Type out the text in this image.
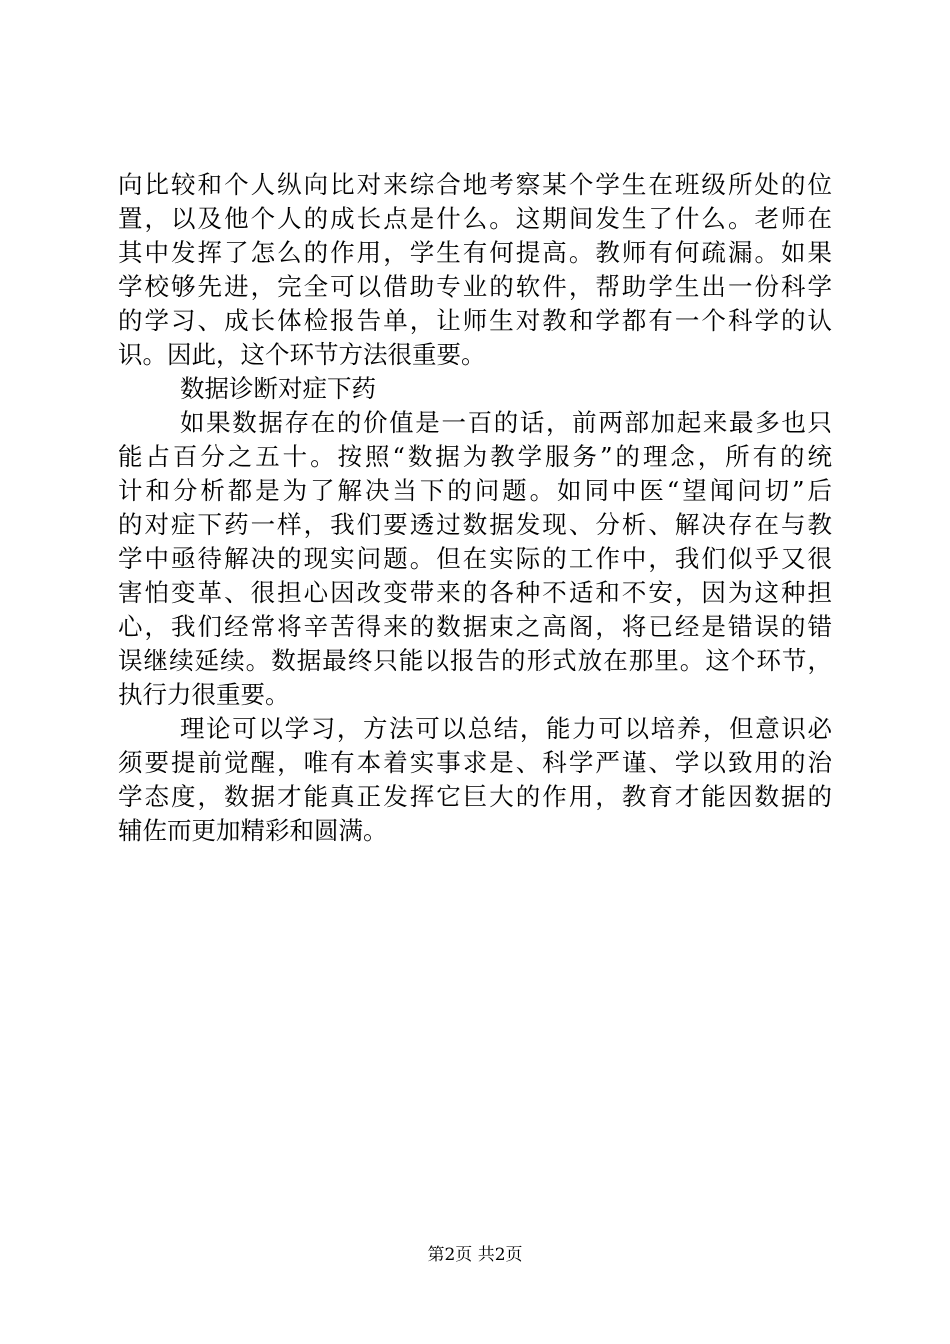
向比较和个人纵向比对来综合地考察某个学生在班级所处的位
置，以及他个人的成长点是什么。这期间发生了什么。老师在
其中发挥了怎么的作用，学生有何提高。教师有何疏漏。如果
学校够先进，完全可以借助专业的软件，帮助学生出一份科学
的学习、成长体检报告单，让师生对教和学都有一个科学的认
识。因此，这个环节方法很重要。
数据诊断对症下药
如果数据存在的价值是一百的话，前两部加起来最多也只
能占百分之五十。按照“数据为教学服务”的理念，所有的统
计和分析都是为了解决当下的问题。如同中医“望闻问切”后
的对症下药一样，我们要透过数据发现、分析、解决存在与教
学中亟待解决的现实问题。但在实际的工作中，我们似乎又很
害怕变革、很担心因改变带来的各种不适和不安，因为这种担
心，我们经常将辛苦得来的数据束之高阁，将已经是错误的错
误继续延续。数据最终只能以报告的形式放在那里。这个环节，
执行力很重要。
理论可以学习，方法可以总结，能力可以培养，但意识必
须要提前觉醒，唯有本着实事求是、科学严谨、学以致用的治
学态度，数据才能真正发挥它巨大的作用，教育才能因数据的
辅佐而更加精彩和圆满。
第2页 共2页
